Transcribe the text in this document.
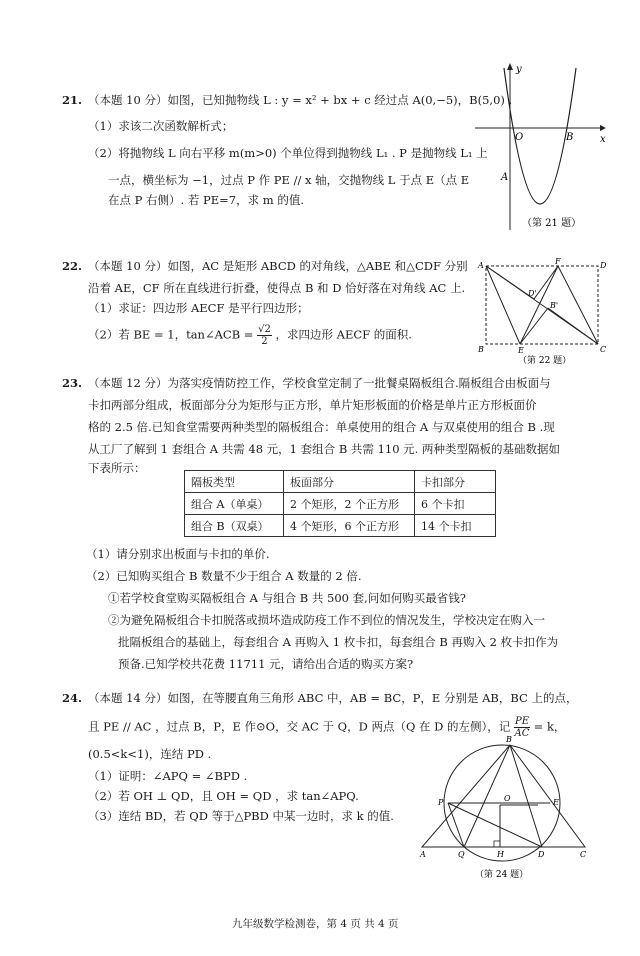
21. （本题 10 分）如图，已知抛物线 L : y = x² + bx + c 经过点 A(0,−5)，B(5,0) .
（1）求该二次函数解析式；
（2）将抛物线 L 向右平移 m(m>0) 个单位得到抛物线 L₁ . P 是抛物线 L₁ 上
一点，横坐标为 −1，过点 P 作 PE // x 轴，交抛物线 L 于点 E（点 E
在点 P 右侧）. 若 PE=7，求 m 的值.
y
x
O	B
A
（第 21 题）
22. （本题 10 分）如图，AC 是矩形 ABCD 的对角线，△ABE 和△CDF 分别
沿着 AE，CF 所在直线进行折叠，使得点 B 和 D 恰好落在对角线 AC 上.
（1）求证：四边形 AECF 是平行四边形；
（2）若 BE = 1，tan∠ACB = $\frac{√2}{2}$ ，求四边形 AECF 的面积.
A	F	D
D'
B'
B	E	C
（第 22 题）
23. （本题 12 分）为落实疫情防控工作，学校食堂定制了一批餐桌隔板组合.隔板组合由板面与
卡扣两部分组成，板面部分分为矩形与正方形，单片矩形板面的价格是单片正方形板面价
格的 2.5 倍.已知食堂需要两种类型的隔板组合：单桌使用的组合 A 与双桌使用的组合 B .现
从工厂了解到 1 套组合 A 共需 48 元，1 套组合 B 共需 110 元. 两种类型隔板的基础数据如
下表所示：
隔板类型	板面部分	卡扣部分
组合 A（单桌）	2 个矩形，2 个正方形	6 个卡扣
组合 B（双桌）	4 个矩形，6 个正方形	14 个卡扣
（1）请分别求出板面与卡扣的单价.
（2）已知购买组合 B 数量不少于组合 A 数量的 2 倍.
①若学校食堂购买隔板组合 A 与组合 B 共 500 套,问如何购买最省钱?
②为避免隔板组合卡扣脱落或损坏造成防疫工作不到位的情况发生，学校决定在购入一
批隔板组合的基础上，每套组合 A 再购入 1 枚卡扣，每套组合 B 再购入 2 枚卡扣作为
预备.已知学校共花费 11711 元，请给出合适的购买方案?
24. （本题 14 分）如图，在等腰直角三角形 ABC 中，AB = BC，P，E 分别是 AB，BC 上的点，
且 PE // AC ，过点 B，P，E 作⊙O，交 AC 于 Q，D 两点（Q 在 D 的左侧），记 $\frac{PE}{AC} = k$，
(0.5<k<1)，连结 PD .
（1）证明：∠APQ = ∠BPD .
（2）若 OH ⊥ QD，且 OH = QD ，求 tan∠APQ.
（3）连结 BD，若 QD 等于△PBD 中某一边时，求 k 的值.
B
P	E
O
A	Q	H	D	C
（第 24 题）
九年级数学检测卷，第 4 页 共 4 页
